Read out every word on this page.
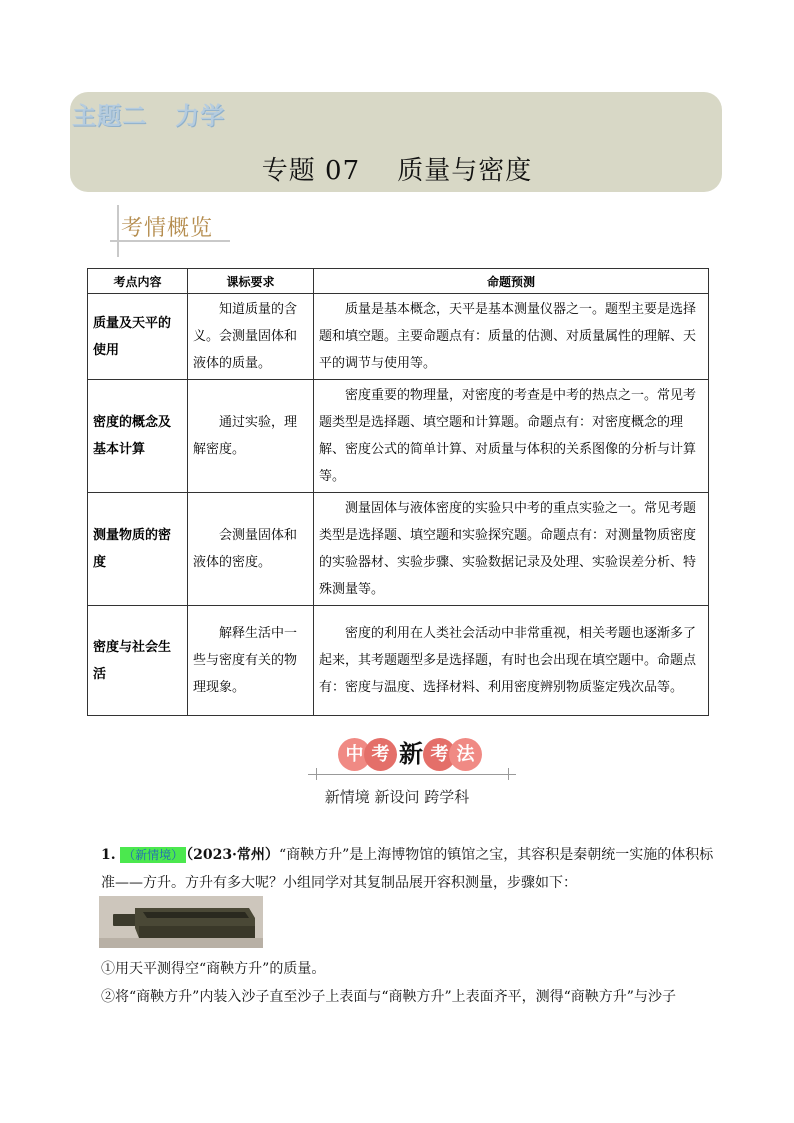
主题二   力学
专题 07    质量与密度
考情概览
考点内容	课标要求	命题预测
质量及天平的使用	知道质量的含义。会测量固体和液体的质量。	质量是基本概念，天平是基本测量仪器之一。题型主要是选择题和填空题。主要命题点有：质量的估测、对质量属性的理解、天平的调节与使用等。

密度的概念及基本计算	通过实验，理解密度。	密度重要的物理量，对密度的考查是中考的热点之一。常见考题类型是选择题、填空题和计算题。命题点有：对密度概念的理解、密度公式的简单计算、对质量与体积的关系图像的分析与计算等。

测量物质的密度	会测量固体和液体的密度。	测量固体与液体密度的实验只中考的重点实验之一。常见考题类型是选择题、填空题和实验探究题。命题点有：对测量物质密度的实验器材、实验步骤、实验数据记录及处理、实验误差分析、特殊测量等。

密度与社会生活	解释生活中一些与密度有关的物理现象。	密度的利用在人类社会活动中非常重视，相关考题也逐渐多了起来，其考题题型多是选择题，有时也会出现在填空题中。命题点有：密度与温度、选择材料、利用密度辨别物质鉴定残次品等。
中 考 新 考 法
新情境 新设问 跨学科
1. （新情境） （2023·常州）“商鞅方升”是上海博物馆的镇馆之宝，其容积是秦朝统一实施的体积标准——方升。方升有多大呢？小组同学对其复制品展开容积测量，步骤如下：
①用天平测得空“商鞅方升”的质量。
②将“商鞅方升”内装入沙子直至沙子上表面与“商鞅方升”上表面齐平，测得“商鞅方升”与沙子
